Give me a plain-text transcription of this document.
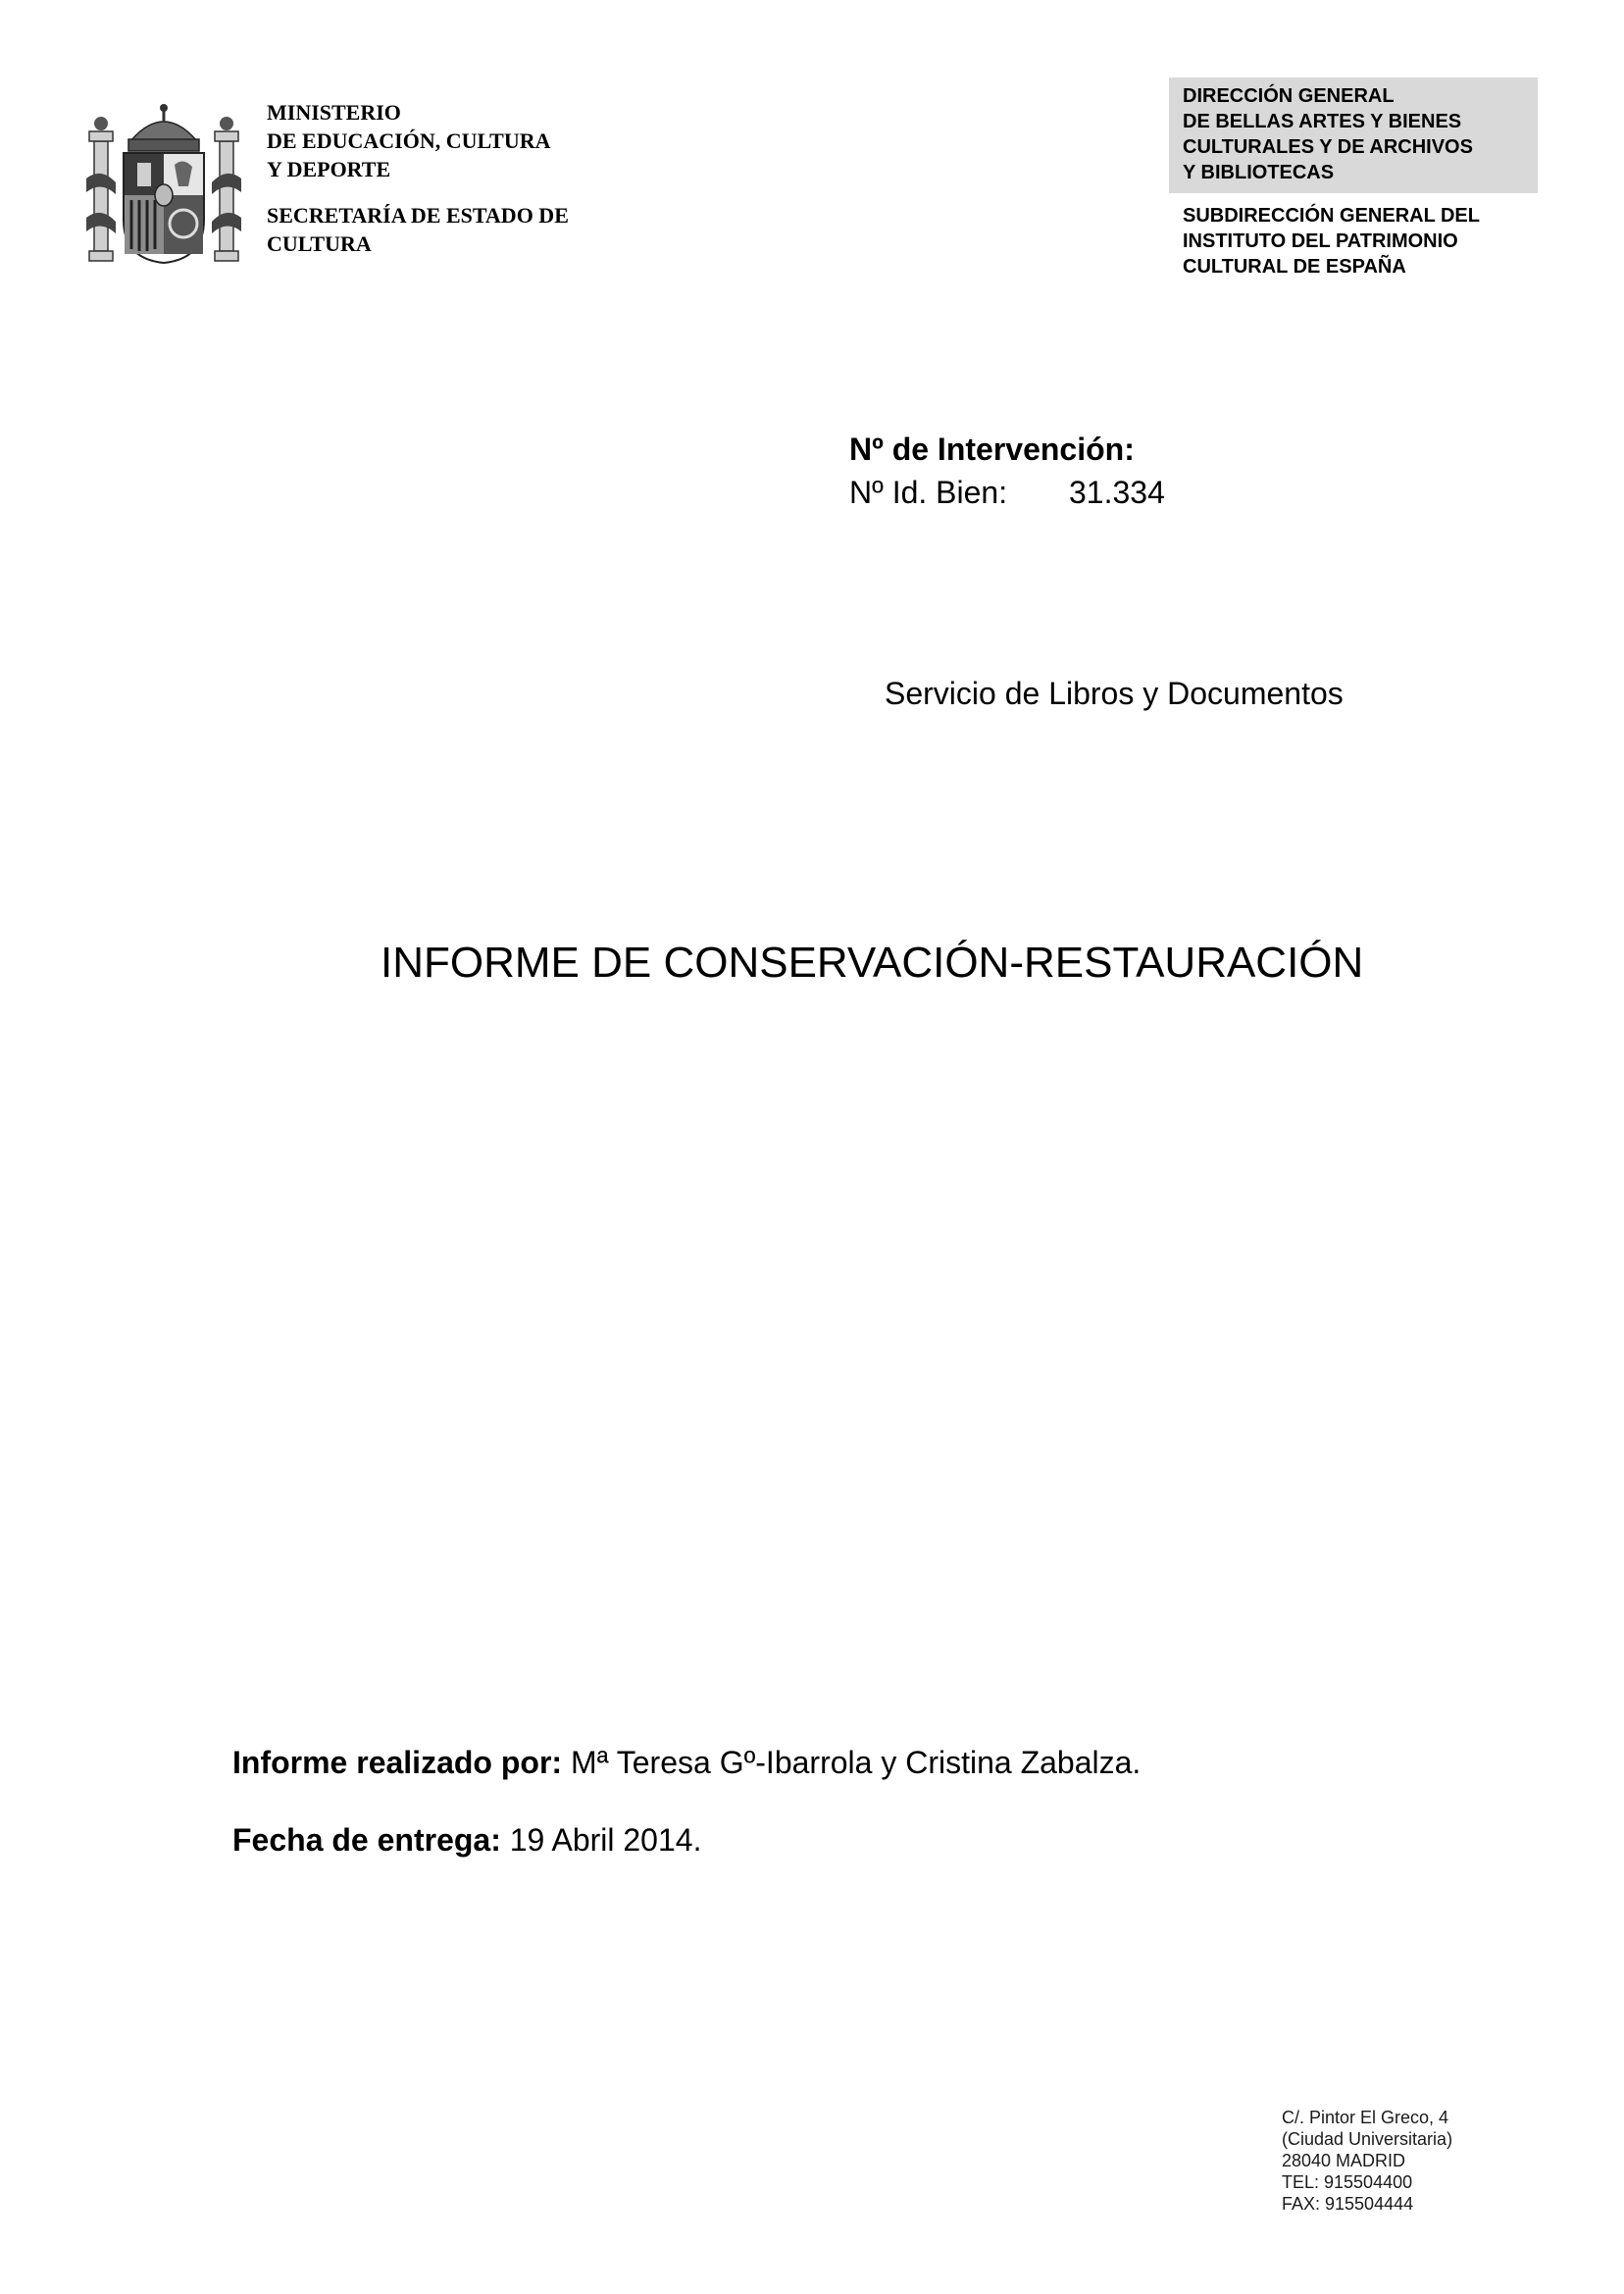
MINISTERIO
DE EDUCACIÓN, CULTURA
Y DEPORTE
SECRETARÍA DE ESTADO DE
CULTURA
DIRECCIÓN GENERAL
DE BELLAS ARTES Y BIENES
CULTURALES Y DE ARCHIVOS
Y BIBLIOTECAS
SUBDIRECCIÓN GENERAL DEL
INSTITUTO DEL PATRIMONIO
CULTURAL DE ESPAÑA
Nº de Intervención:
Nº Id. Bien: 31.334
Servicio de Libros y Documentos
INFORME DE CONSERVACIÓN-RESTAURACIÓN
Informe realizado por: Mª Teresa Gº-Ibarrola y Cristina Zabalza.
Fecha de entrega: 19 Abril 2014.
C/. Pintor El Greco, 4
(Ciudad Universitaria)
28040 MADRID
TEL: 915504400
FAX: 915504444
